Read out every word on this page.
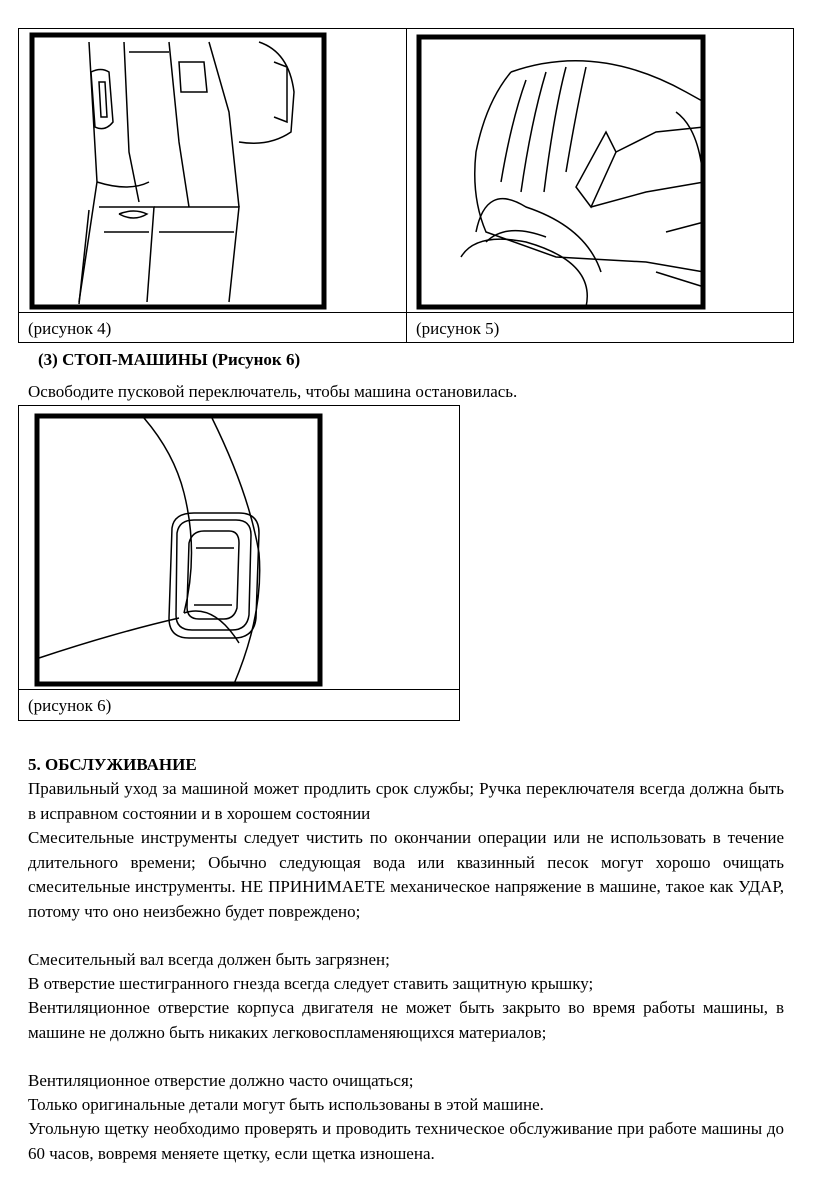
(рисунок 4)	(рисунок 5)
(3) СТОП-МАШИНЫ (Рисунок 6)
Освободите пусковой переключатель, чтобы машина остановилась.
(рисунок 6)
5. ОБСЛУЖИВАНИЕ
Правильный уход за машиной может продлить срок службы; Ручка переключателя всегда должна быть в исправном состоянии и в хорошем состоянии
Смесительные инструменты следует чистить по окончании операции или не использовать в течение длительного времени; Обычно следующая вода или квазинный песок могут хорошо очищать смесительные инструменты. НЕ ПРИНИМАЕТЕ механическое напряжение в машине, такое как УДАР, потому что оно неизбежно будет повреждено;
Смесительный вал всегда должен быть загрязнен;
В отверстие шестигранного гнезда всегда следует ставить защитную крышку;
Вентиляционное отверстие корпуса двигателя не может быть закрыто во время работы машины, в машине не должно быть никаких легковоспламеняющихся материалов;
Вентиляционное отверстие должно часто очищаться;
Только оригинальные детали могут быть использованы в этой машине.
Угольную щетку необходимо проверять и проводить техническое обслуживание при работе машины до 60 часов, вовремя меняете щетку, если щетка изношена.
